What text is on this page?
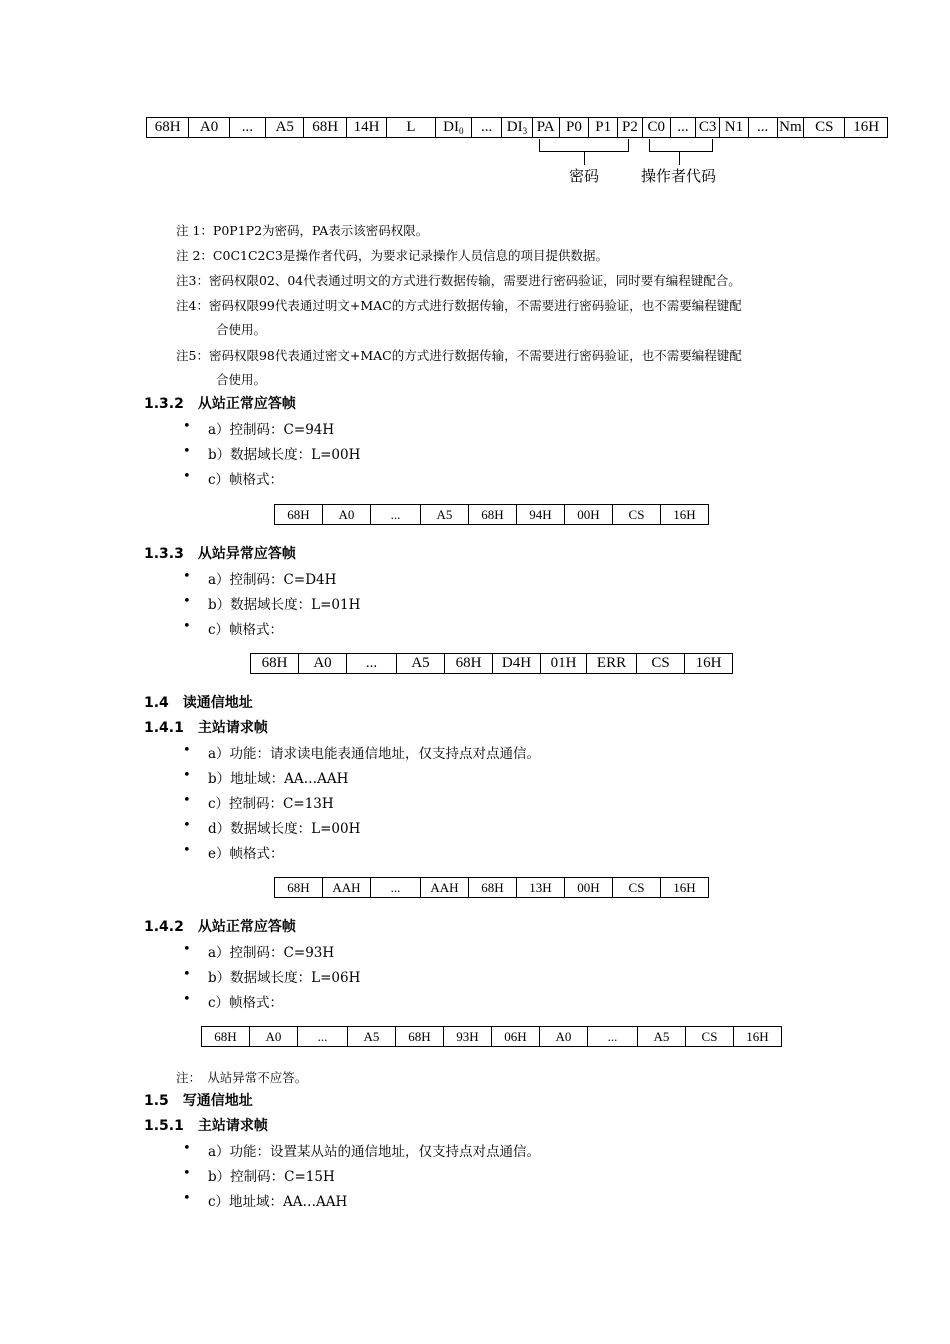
68H	A0	...	A5	68H	14H	L	$DI_0$	...	$DI_3$	PA	P0	P1	P2	C0	...	C3	N1	...	Nm	CS	16H
密码	操作者代码
注 1：P0P1P2为密码，PA表示该密码权限。
注 2：C0C1C2C3是操作者代码，为要求记录操作人员信息的项目提供数据。
注3：密码权限02、04代表通过明文的方式进行数据传输，需要进行密码验证，同时要有编程键配合。
注4：密码权限99代表通过明文+MAC的方式进行数据传输，不需要进行密码验证，也不需要编程键配
合使用。
注5：密码权限98代表通过密文+MAC的方式进行数据传输，不需要进行密码验证，也不需要编程键配
合使用。
1.3.2　从站正常应答帧
• a）控制码：C=94H
• b）数据域长度：L=00H
• c）帧格式：
68H	A0	...	A5	68H	94H	00H	CS	16H
1.3.3　从站异常应答帧
• a）控制码：C=D4H
• b）数据域长度：L=01H
• c）帧格式：
68H	A0	...	A5	68H	D4H	01H	ERR	CS	16H
1.4　读通信地址
1.4.1　主站请求帧
• a）功能：请求读电能表通信地址，仅支持点对点通信。
• b）地址域：AA…AAH
• c）控制码：C=13H
• d）数据域长度：L=00H
• e）帧格式：
68H	AAH	...	AAH	68H	13H	00H	CS	16H
1.4.2　从站正常应答帧
• a）控制码：C=93H
• b）数据域长度：L=06H
• c）帧格式：
68H	A0	...	A5	68H	93H	06H	A0	...	A5	CS	16H
注：　从站异常不应答。
1.5　写通信地址
1.5.1　主站请求帧
• a）功能：设置某从站的通信地址，仅支持点对点通信。
• b）控制码：C=15H
• c）地址域：AA…AAH
